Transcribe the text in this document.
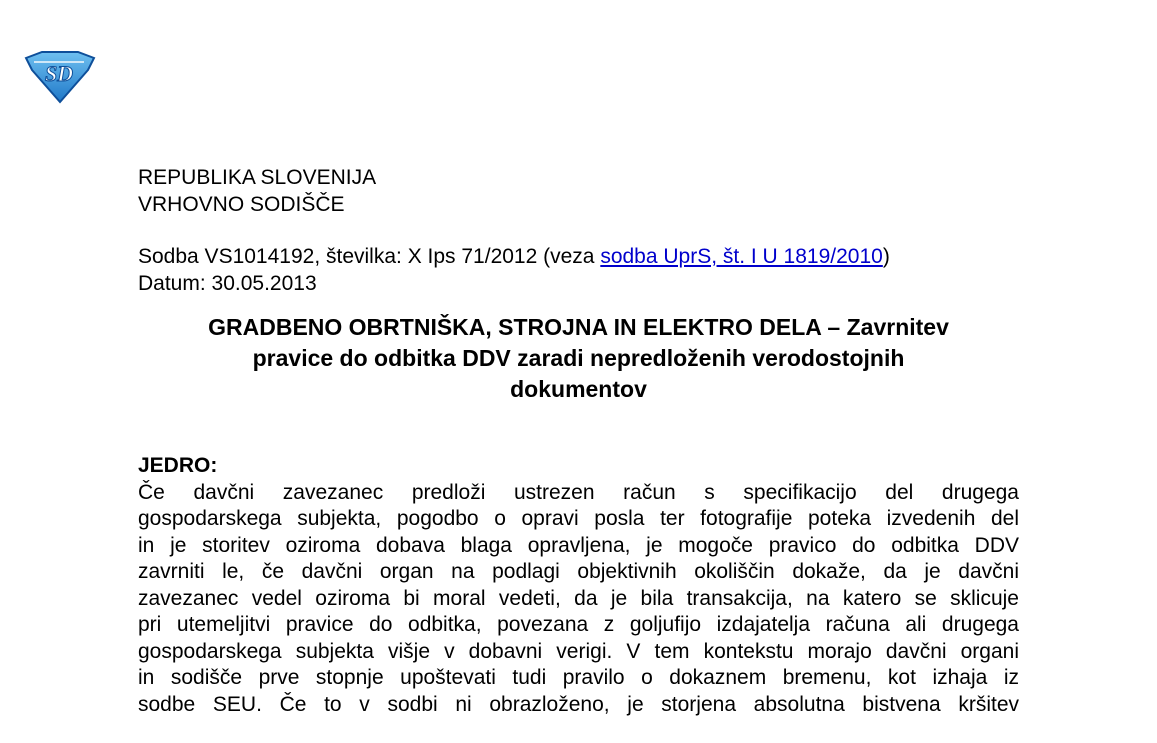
SD
REPUBLIKA SLOVENIJA
VRHOVNO SODIŠČE
Sodba VS1014192, številka: X Ips 71/2012 (veza sodba UprS, št. I U 1819/2010)
Datum: 30.05.2013
GRADBENO OBRTNIŠKA, STROJNA IN ELEKTRO DELA – Zavrnitev
pravice do odbitka DDV zaradi nepredloženih verodostojnih
dokumentov
JEDRO:
Če davčni zavezanec predloži ustrezen račun s specifikacijo del drugega
gospodarskega subjekta, pogodbo o opravi posla ter fotografije poteka izvedenih del
in je storitev oziroma dobava blaga opravljena, je mogoče pravico do odbitka DDV
zavrniti le, če davčni organ na podlagi objektivnih okoliščin dokaže, da je davčni
zavezanec vedel oziroma bi moral vedeti, da je bila transakcija, na katero se sklicuje
pri utemeljitvi pravice do odbitka, povezana z goljufijo izdajatelja računa ali drugega
gospodarskega subjekta višje v dobavni verigi. V tem kontekstu morajo davčni organi
in sodišče prve stopnje upoštevati tudi pravilo o dokaznem bremenu, kot izhaja iz
sodbe SEU. Če to v sodbi ni obrazloženo, je storjena absolutna bistvena kršitev
